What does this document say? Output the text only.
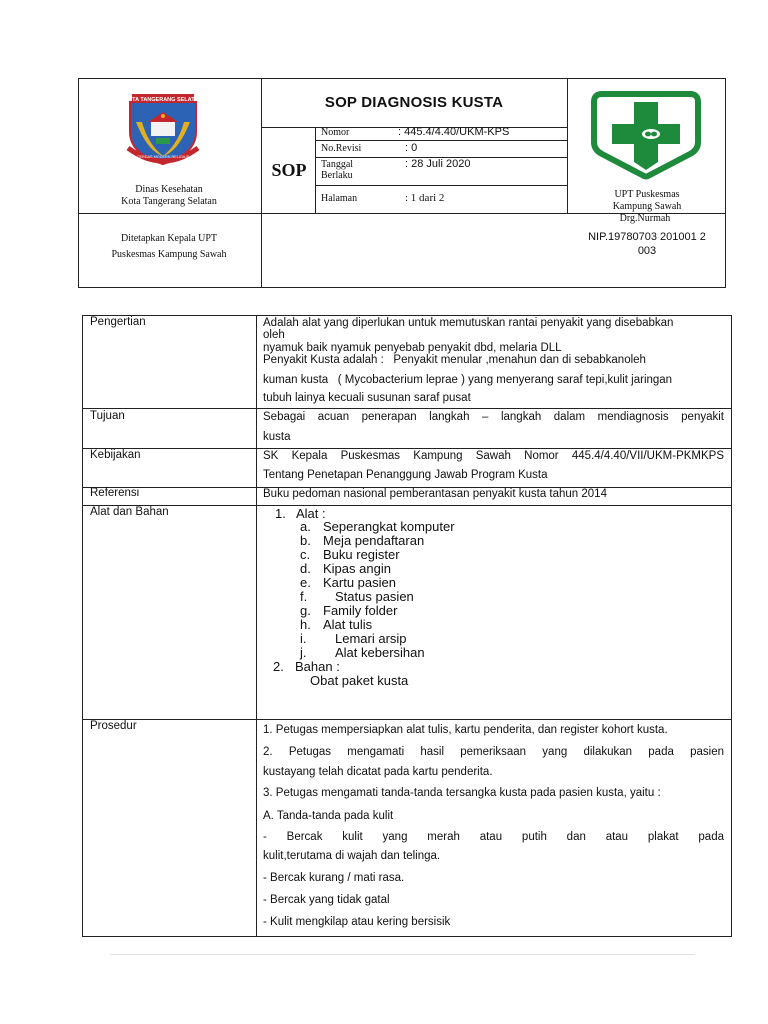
KOTA TANGERANG SELATAN
CERDAS MODERN RELIGIUS
Dinas Kesehatan
Kota Tangerang Selatan
SOP DIAGNOSIS KUSTA
SOP
Nomor	: 445.4/4.40/UKM-KPS
No.Revisi	: 0
Tanggal
Berlaku
: 28 Juli 2020
Halaman	: 1 dari 2	UPT Puskesmas
Kampung Sawah
Ditetapkan Kepala UPT
Puskesmas Kampung Sawah
Drg.Nurmah
NIP.19780703 201001 2
003
Pengertian	Adalah alat yang diperlukan untuk memutuskan rantai penyakit yang disebabkan
oleh
nyamuk baik nyamuk penyebab penyakit dbd, melaria DLL
Penyakit Kusta adalah :   Penyakit menular ,menahun dan di sebabkanoleh
kuman kusta   ( Mycobacterium leprae ) yang menyerang saraf tepi,kulit jaringan
tubuh lainya kecuali susunan saraf pusat
Tujuan	Sebagai acuan penerapan langkah – langkah dalam mendiagnosis penyakit
kusta
Kebijakan	SK Kepala Puskesmas Kampung Sawah Nomor 445.4/4.40/VII/UKM-PKMKPS
Tentang Penetapan Penanggung Jawab Program Kusta
Referensi	Buku pedoman nasional pemberantasan penyakit kusta tahun 2014
Alat dan Bahan	1. Alat :
a. Seperangkat komputer
b. Meja pendaftaran
c. Buku register
d. Kipas angin
e. Kartu pasien
f. Status pasien
g. Family folder
h. Alat tulis
i. Lemari arsip
j. Alat kebersihan
2. Bahan :
Obat paket kusta
Prosedur	1. Petugas mempersiapkan alat tulis, kartu penderita, dan register kohort kusta.
2. Petugas mengamati hasil pemeriksaan yang dilakukan pada pasien
kustayang telah dicatat pada kartu penderita.
3. Petugas mengamati tanda-tanda tersangka kusta pada pasien kusta, yaitu :
A. Tanda-tanda pada kulit
- Bercak kulit yang merah atau putih dan atau plakat pada
kulit,terutama di wajah dan telinga.
- Bercak kurang / mati rasa.
- Bercak yang tidak gatal
- Kulit mengkilap atau kering bersisik
